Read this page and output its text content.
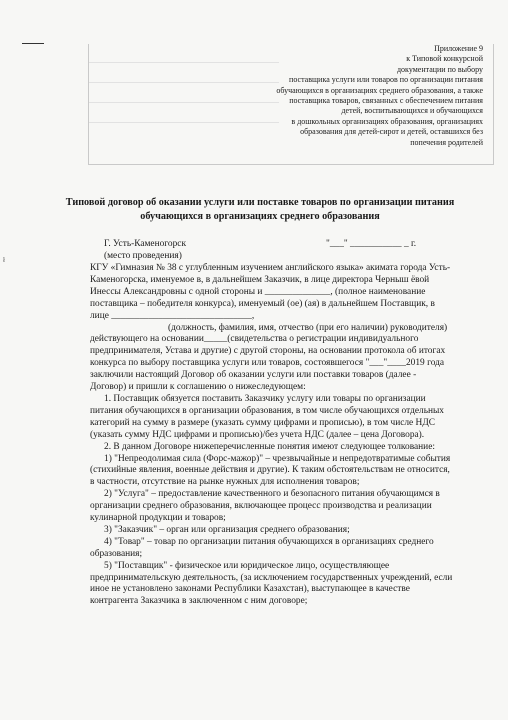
ł
Приложение 9
к Типовой конкурсной
документации по выбору
поставщика услуги или товаров по организации питания
обучающихся в организациях среднего образования, а также
поставщика товаров, связанных с обеспечением питания
детей, воспитывающихся и обучающихся
в дошкольных организациях образования, организациях
образования для детей-сирот и детей, оставшихся без
попечения родителей
Типовой договор об оказании услуги или поставке товаров по организации питания
обучающихся в организациях среднего образования
Г. Усть-Каменогорск	"___" ___________ _ г.
(место проведения)

КГУ «Гимназия № 38 с углубленным изучением английского языка» акимата города Усть-

Каменогорска, именуемое в, в дальнейшем Заказчик, в лице директора Черныш ёвой

Инессы Александровны с одной стороны и ______________, (полное наименование

поставщика – победителя конкурса), именуемый (ое) (ая) в дальнейшем Поставщик, в

лице ______________________________,

(должность, фамилия, имя, отчество (при его наличии) руководителя)

действующего на основании_____(свидетельства о регистрации индивидуального

предпринимателя, Устава и другие) с другой стороны, на основании протокола об итогах

конкурса по выбору поставщика услуги или товаров, состоявшегося "___"____2019 года

заключили настоящий Договор об оказании услуги или поставки товаров (далее -

Договор) и пришли к соглашению о нижеследующем:

1. Поставщик обязуется поставить Заказчику услугу или товары по организации

питания обучающихся в организации образования, в том числе обучающихся отдельных

категорий на сумму в размере (указать сумму цифрами и прописью), в том числе НДС

(указать сумму НДС цифрами и прописью)/без учета НДС (далее – цена Договора).

2. В данном Договоре нижеперечисленные понятия имеют следующее толкование:

1) "Непреодолимая сила (Форс-мажор)" – чрезвычайные и непредотвратимые события

(стихийные явления, военные действия и другие). К таким обстоятельствам не относится,

в частности, отсутствие на рынке нужных для исполнения товаров;

2) "Услуга" – предоставление качественного и безопасного питания обучающимся в

организации среднего образования, включающее процесс производства и реализации

кулинарной продукции и товаров;

3) "Заказчик" – орган или организация среднего образования;

4) "Товар" – товар по организации питания обучающихся в организациях среднего

образования;

5) "Поставщик" - физическое или юридическое лицо, осуществляющее

предпринимательскую деятельность, (за исключением государственных учреждений, если

иное не установлено законами Республики Казахстан), выступающее в качестве

контрагента Заказчика в заключенном с ним договоре;
